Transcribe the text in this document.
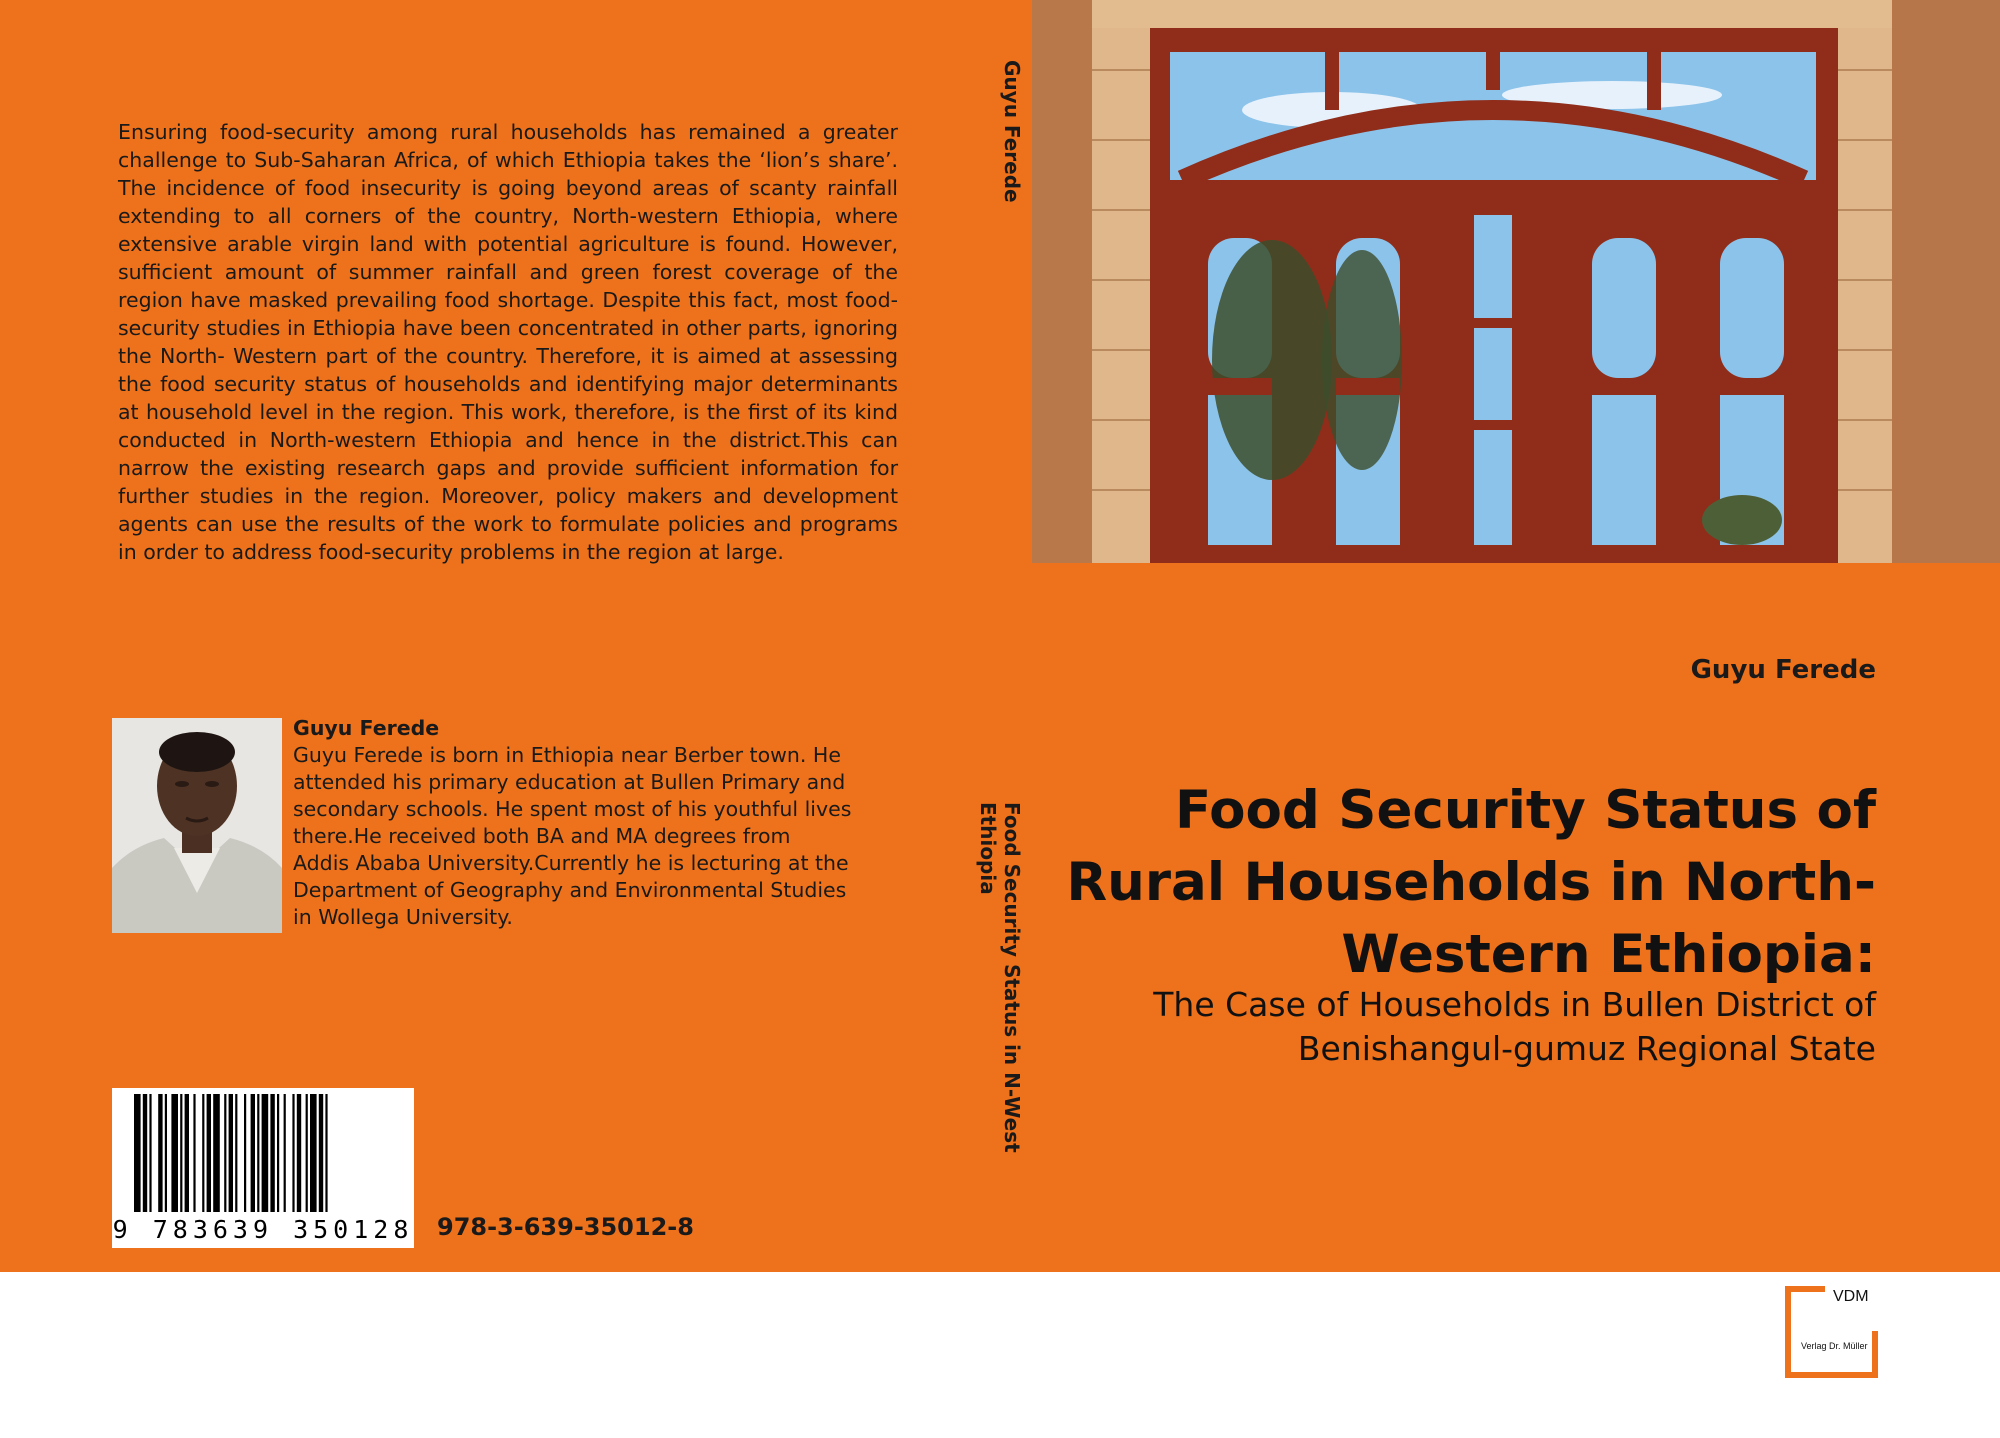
Ensuring food-security among rural households has remained a greater challenge to Sub-Saharan Africa, of which Ethiopia takes the ‘lion’s share’. The incidence of food insecurity is going beyond areas of scanty rainfall extending to all corners of the country, North-western Ethiopia, where extensive arable virgin land with potential agriculture is found. However, sufficient amount of summer rainfall and green forest coverage of the region have masked prevailing food shortage. Despite this fact, most food-security studies in Ethiopia have been concentrated in other parts, ignoring the North- Western part of the country. Therefore, it is aimed at assessing the food security status of households and identifying major determinants at household level in the region. This work, therefore, is the first of its kind conducted in North-western Ethiopia and hence in the district.This can narrow the existing research gaps and provide sufficient information for further studies in the region. Moreover, policy makers and development agents can use the results of the work to formulate policies and programs in order to address food-security problems in the region at large.
Guyu Ferede
Guyu Ferede is born in Ethiopia near Berber town. He attended his primary education at Bullen Primary and secondary schools. He spent most of his youthful lives there.He received both BA and MA degrees from Addis Ababa University.Currently he is lecturing at the Department of Geography and Environmental Studies in Wollega University.
9 783639 350128 978-3-639-35012-8
Guyu Ferede
Food Security Status in N-West Ethiopia
Guyu Ferede
Food Security Status of Rural Households in North-Western Ethiopia:
The Case of Households in Bullen District of Benishangul-gumuz Regional State
VDM
Verlag Dr. Müller
